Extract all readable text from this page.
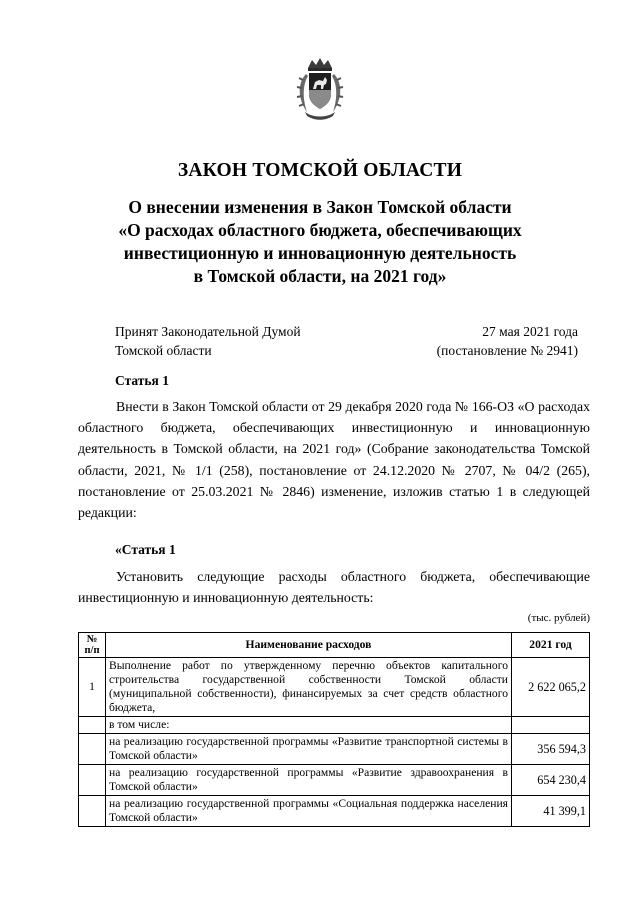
ЗАКОН ТОМСКОЙ ОБЛАСТИ
О внесении изменения в Закон Томской области
«О расходах областного бюджета, обеспечивающих
инвестиционную и инновационную деятельность
в Томской области, на 2021 год»
Принят Законодательной Думой
Томской области
27 мая 2021 года
(постановление № 2941)
Статья 1
Внести в Закон Томской области от 29 декабря 2020 года № 166-ОЗ «О расходах областного бюджета, обеспечивающих инвестиционную и инновационную деятельность в Томской области, на 2021 год» (Собрание законодательства Томской области, 2021, № 1/1 (258), постановление от 24.12.2020 № 2707, № 04/2 (265), постановление от 25.03.2021 № 2846) изменение, изложив статью 1 в следующей редакции:
«Статья 1
Установить следующие расходы областного бюджета, обеспечивающие инвестиционную и инновационную деятельность:
(тыс. рублей)
№ п/п	Наименование расходов	2021 год
1	Выполнение работ по утвержденному перечню объектов капитального строительства государственной собственности Томской области (муниципальной собственности), финансируемых за счет средств областного бюджета,	2 622 065,2
	в том числе:	
	на реализацию государственной программы «Развитие транспортной системы в Томской области»	356 594,3
	на реализацию государственной программы «Развитие здравоохранения в Томской области»	654 230,4
	на реализацию государственной программы «Социальная поддержка населения Томской области»	41 399,1
